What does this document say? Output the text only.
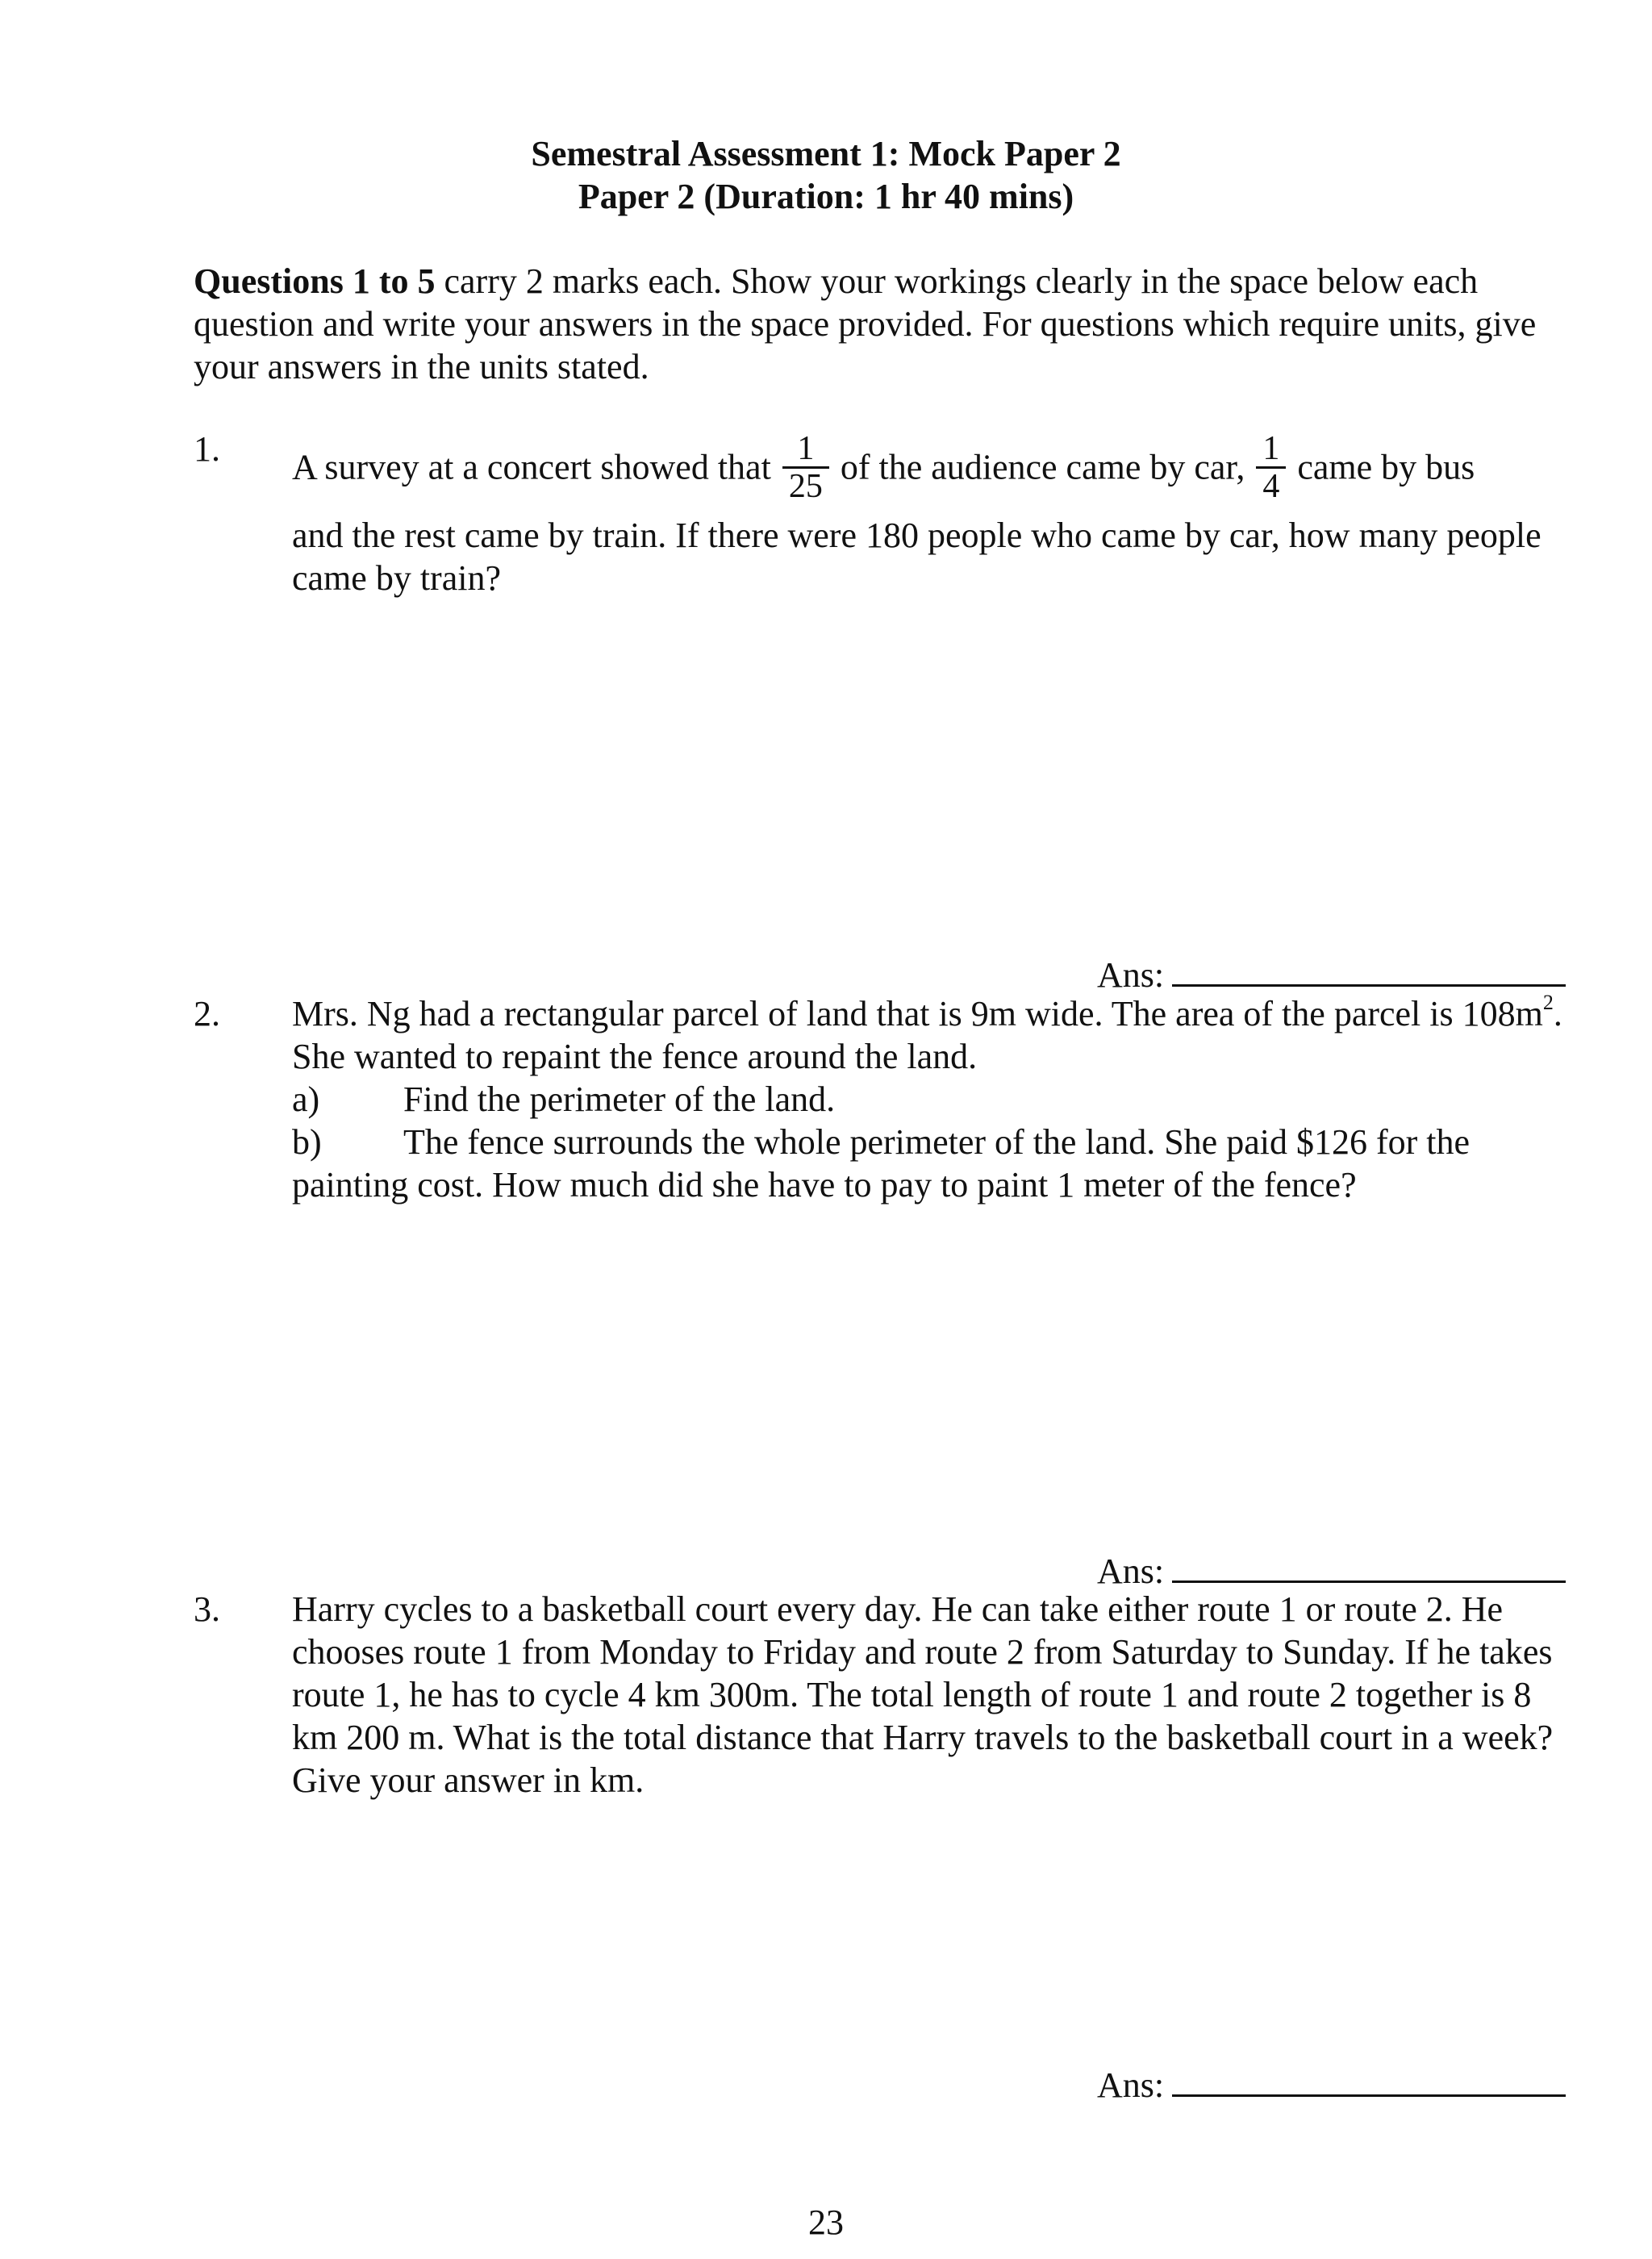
Semestral Assessment 1: Mock Paper 2
Paper 2 (Duration: 1 hr 40 mins)
Questions 1 to 5 carry 2 marks each. Show your workings clearly in the space below each question and write your answers in the space provided. For questions which require units, give your answers in the units stated.
1. A survey at a concert showed that $\frac{1}{25}$ of the audience came by car, $\frac{1}{4}$ came by bus
and the rest came by train. If there were 180 people who came by car, how many people came by train?
Ans:
2. Mrs. Ng had a rectangular parcel of land that is 9m wide. The area of the parcel is $108m^2$. She wanted to repaint the fence around the land.
a) Find the perimeter of the land.
b) The fence surrounds the whole perimeter of the land. She paid $126 for the
painting cost. How much did she have to pay to paint 1 meter of the fence?
Ans:
3. Harry cycles to a basketball court every day. He can take either route 1 or route 2. He chooses route 1 from Monday to Friday and route 2 from Saturday to Sunday. If he takes route 1, he has to cycle 4 km 300m. The total length of route 1 and route 2 together is 8 km 200 m. What is the total distance that Harry travels to the basketball court in a week? Give your answer in km.
Ans:
23
